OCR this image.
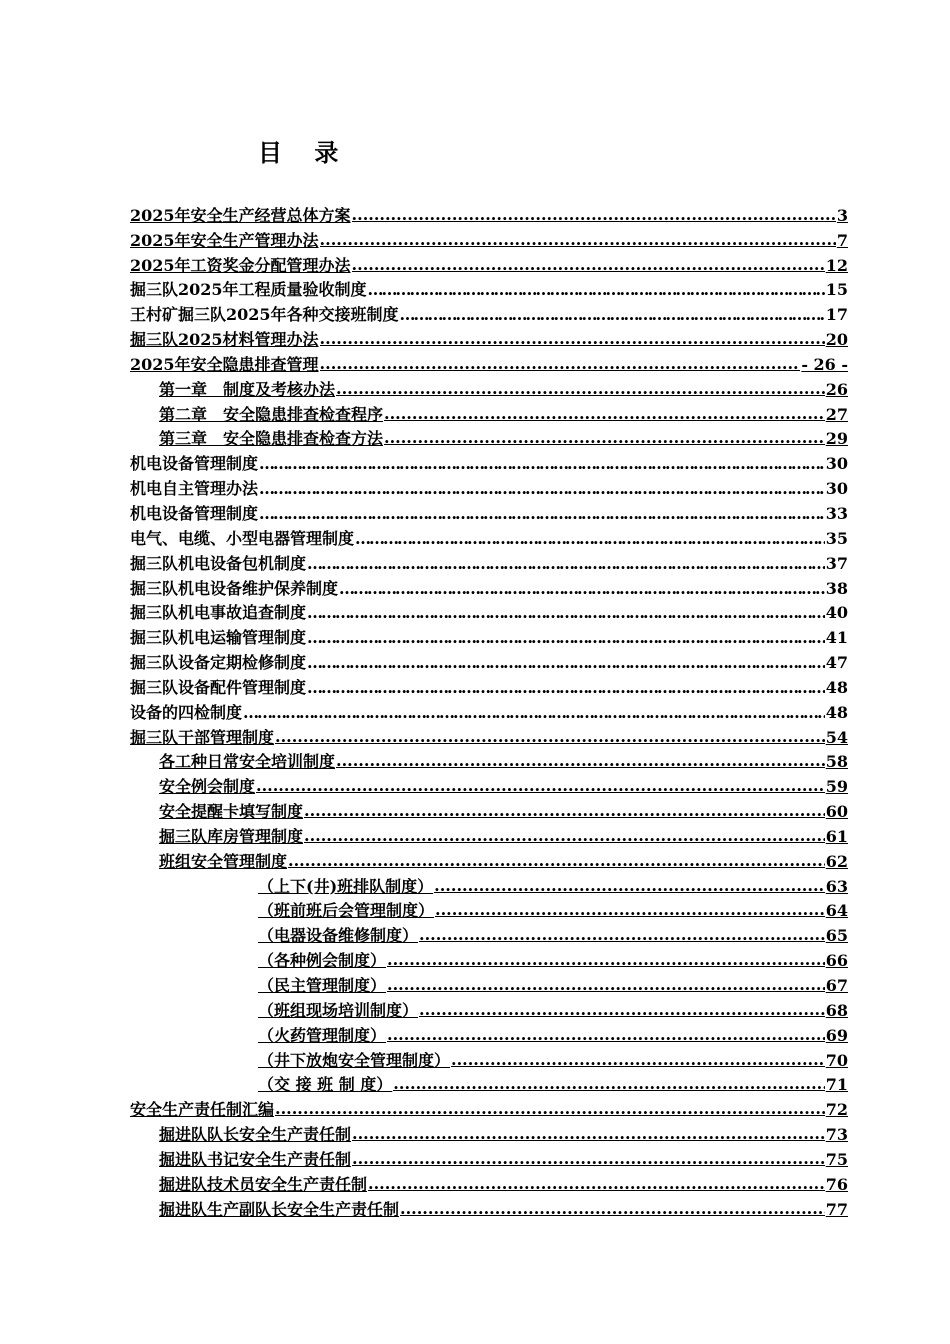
目 录
2025年安全生产经营总体方案 .....	3
2025年安全生产管理办法 .....	7
2025年工资奖金分配管理办法 .....	12
掘三队2025年工程质量验收制度 ……………………………………………………………………………………………………………………	15
王村矿掘三队2025年各种交接班制度 ……………………………………………………………………………………………………………………	17
掘三队2025材料管理办法 .....	20
2025年安全隐患排查管理 .....	- 26 -
第一章　制度及考核办法 .....	26
第二章　安全隐患排查检查程序 .....	27
第三章　安全隐患排查检查方法 .....	29
机电设备管理制度 ……………………………………………………………………………………………………………………	30
机电自主管理办法 ……………………………………………………………………………………………………………………	30
机电设备管理制度 ……………………………………………………………………………………………………………………	33
电气、电缆、小型电器管理制度 ……………………………………………………………………………………………………………………	35
掘三队机电设备包机制度 ……………………………………………………………………………………………………………………	37
掘三队机电设备维护保养制度 ……………………………………………………………………………………………………………………	38
掘三队机电事故追查制度 ……………………………………………………………………………………………………………………	40
掘三队机电运输管理制度 ……………………………………………………………………………………………………………………	41
掘三队设备定期检修制度 ……………………………………………………………………………………………………………………	47
掘三队设备配件管理制度 ……………………………………………………………………………………………………………………	48
设备的四检制度 ……………………………………………………………………………………………………………………	48
掘三队干部管理制度 .....	54
各工种日常安全培训制度 .....	58
安全例会制度 .....	59
安全提醒卡填写制度 .....	60
掘三队库房管理制度 .....	61
班组安全管理制度 .....	62
（上下(井)班排队制度） .....	63
（班前班后会管理制度） .....	64
（电器设备维修制度） .....	65
（各种例会制度） .....	66
（民主管理制度） .....	67
（班组现场培训制度） .....	68
（火药管理制度） .....	69
（井下放炮安全管理制度） .....	70
（交 接 班 制 度） .....	71
安全生产责任制汇编 .....	72
掘进队队长安全生产责任制 .....	73
掘进队书记安全生产责任制 .....	75
掘进队技术员安全生产责任制 .....	76
掘进队生产副队长安全生产责任制 .....	77
